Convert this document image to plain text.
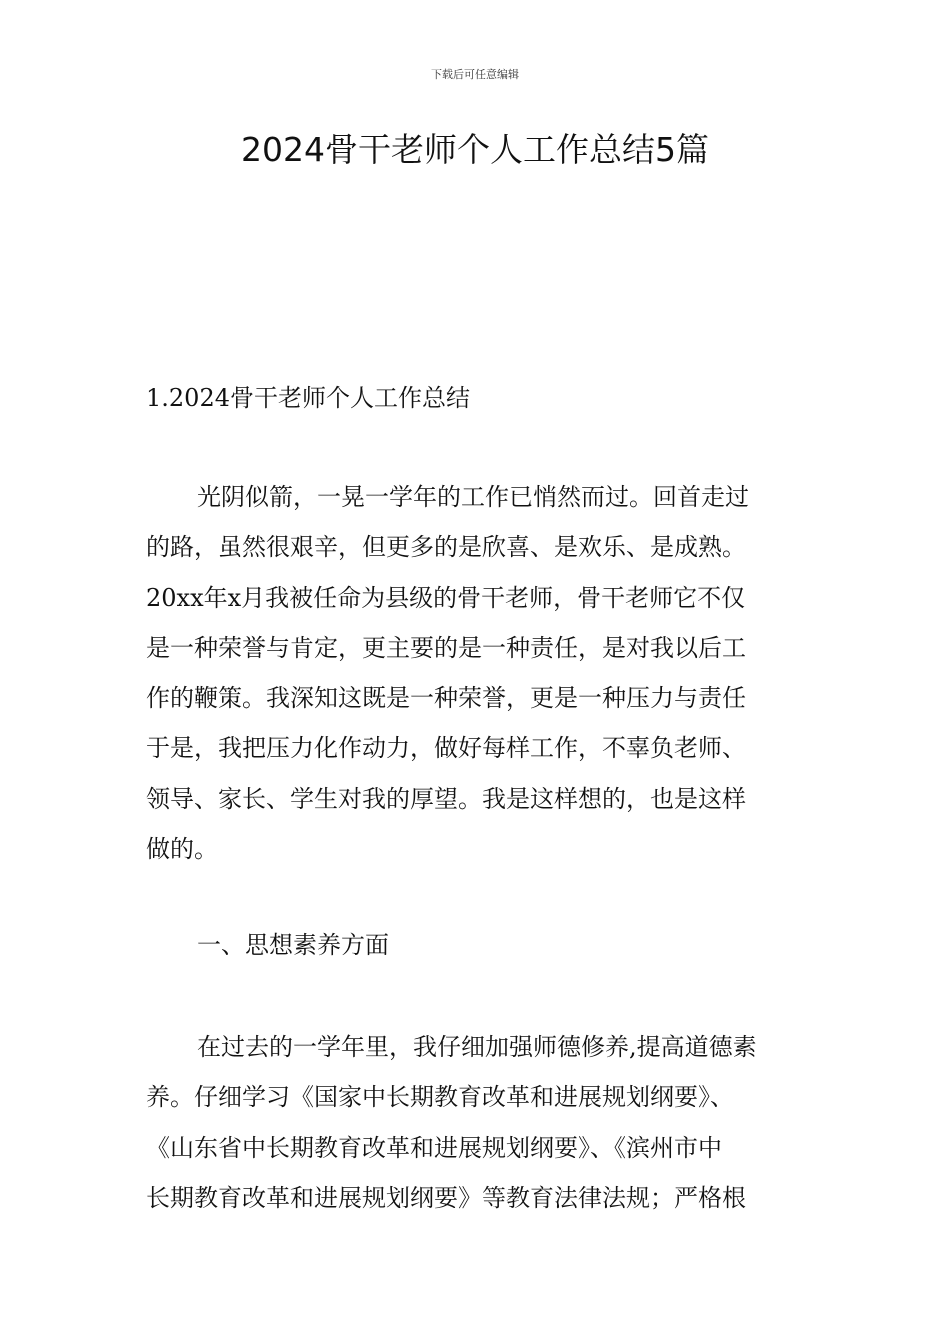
下载后可任意编辑
2024骨干老师个人工作总结5篇
1.2024骨干老师个人工作总结
光阴似箭，一晃一学年的工作已悄然而过。回首走过
的路，虽然很艰辛，但更多的是欣喜、是欢乐、是成熟。
20xx年x月我被任命为县级的骨干老师，骨干老师它不仅
是一种荣誉与肯定，更主要的是一种责任，是对我以后工
作的鞭策。我深知这既是一种荣誉，更是一种压力与责任
于是，我把压力化作动力，做好每样工作，不辜负老师、
领导、家长、学生对我的厚望。我是这样想的，也是这样
做的。
一、思想素养方面
在过去的一学年里，我仔细加强师德修养,提高道德素
养。仔细学习《国家中长期教育改革和进展规划纲要》、
《山东省中长期教育改革和进展规划纲要》、《滨州市中
长期教育改革和进展规划纲要》等教育法律法规；严格根
